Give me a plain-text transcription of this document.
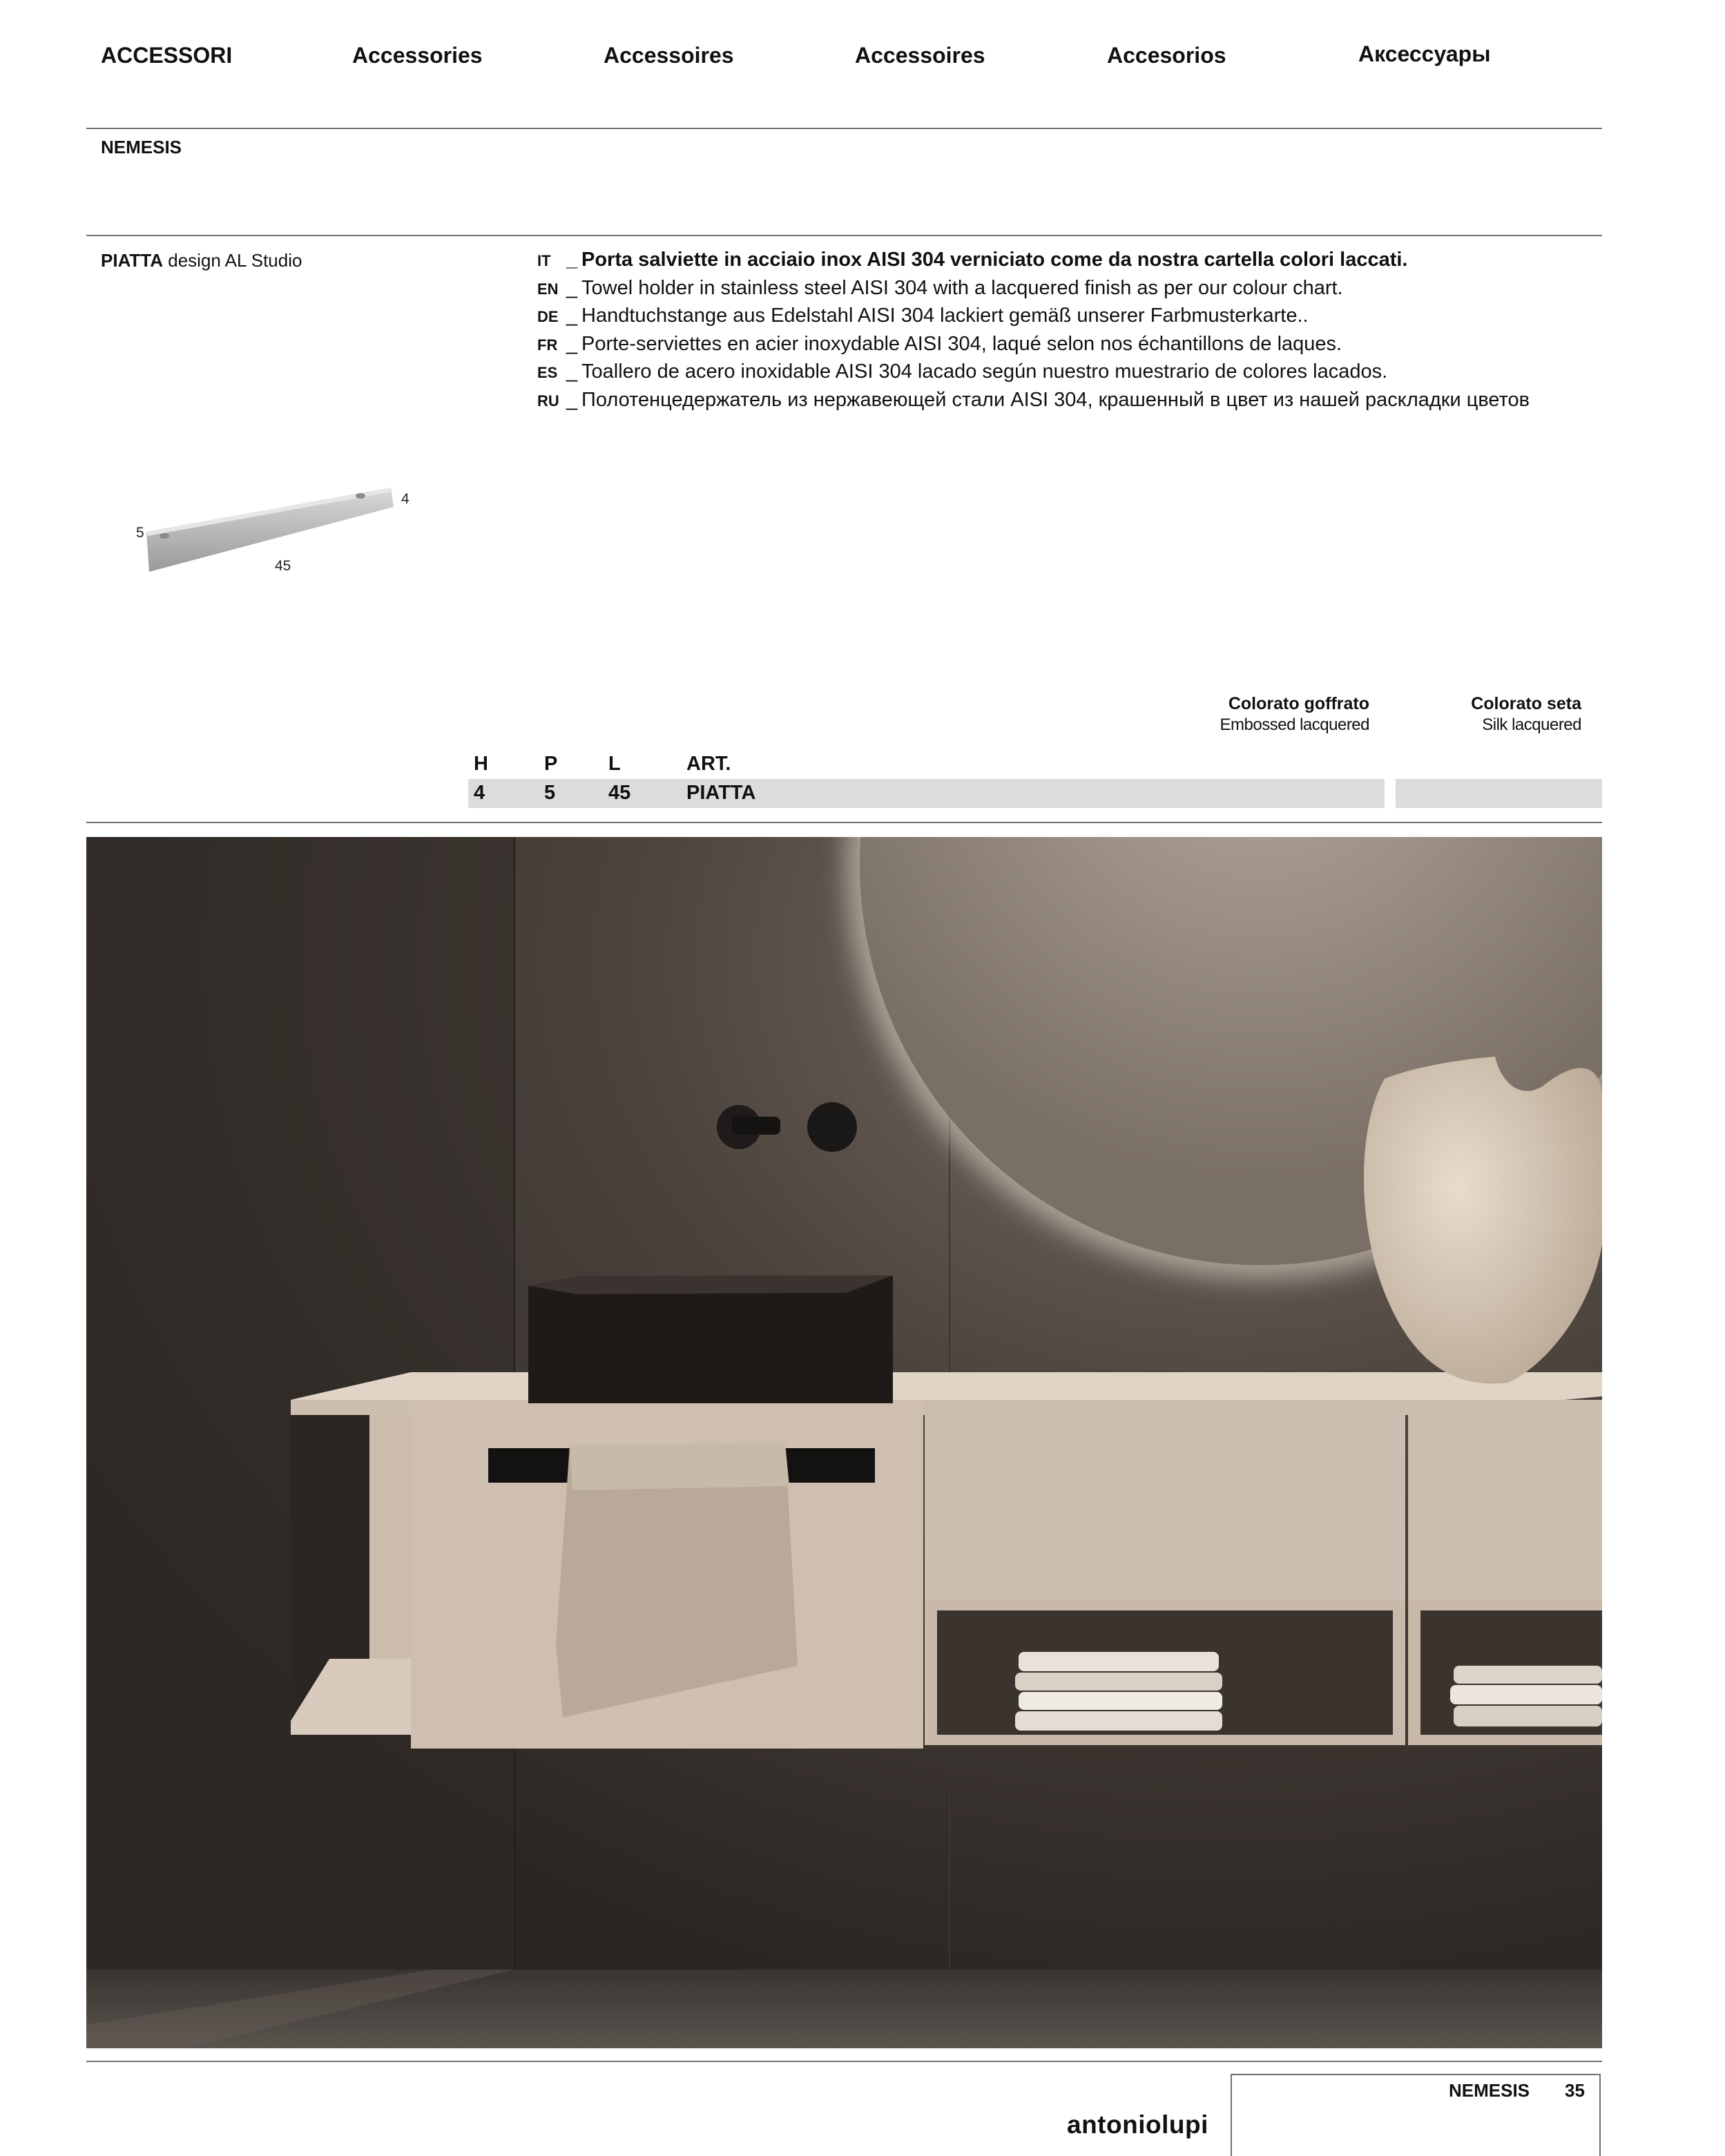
ACCESSORI	Accessories	Accessoires	Accessoires	Accesorios	Аксессуары
NEMESIS
PIATTA design AL Studio	IT _ Porta salviette in acciaio inox AISI 304 verniciato come da nostra cartella colori laccati.
EN _ Towel holder in stainless steel AISI 304 with a lacquered finish as per our colour chart.
DE _ Handtuchstange aus Edelstahl AISI 304 lackiert gemäß unserer Farbmusterkarte..
FR _ Porte-serviettes en acier inoxydable AISI 304, laqué selon nos échantillons de laques.
ES _ Toallero de acero inoxidable AISI 304 lacado según nuestro muestrario de colores lacados.
RU _ Полотенцедержатель из нержавеющей стали AISI 304, крашенный в цвет из нашей раскладки цветов
4
5
45
Colorato goffrato
Embossed lacquered
Colorato seta
Silk lacquered
H	P	L	ART.
4	5	45	PIATTA
antoniolupi
NEMESIS 35
